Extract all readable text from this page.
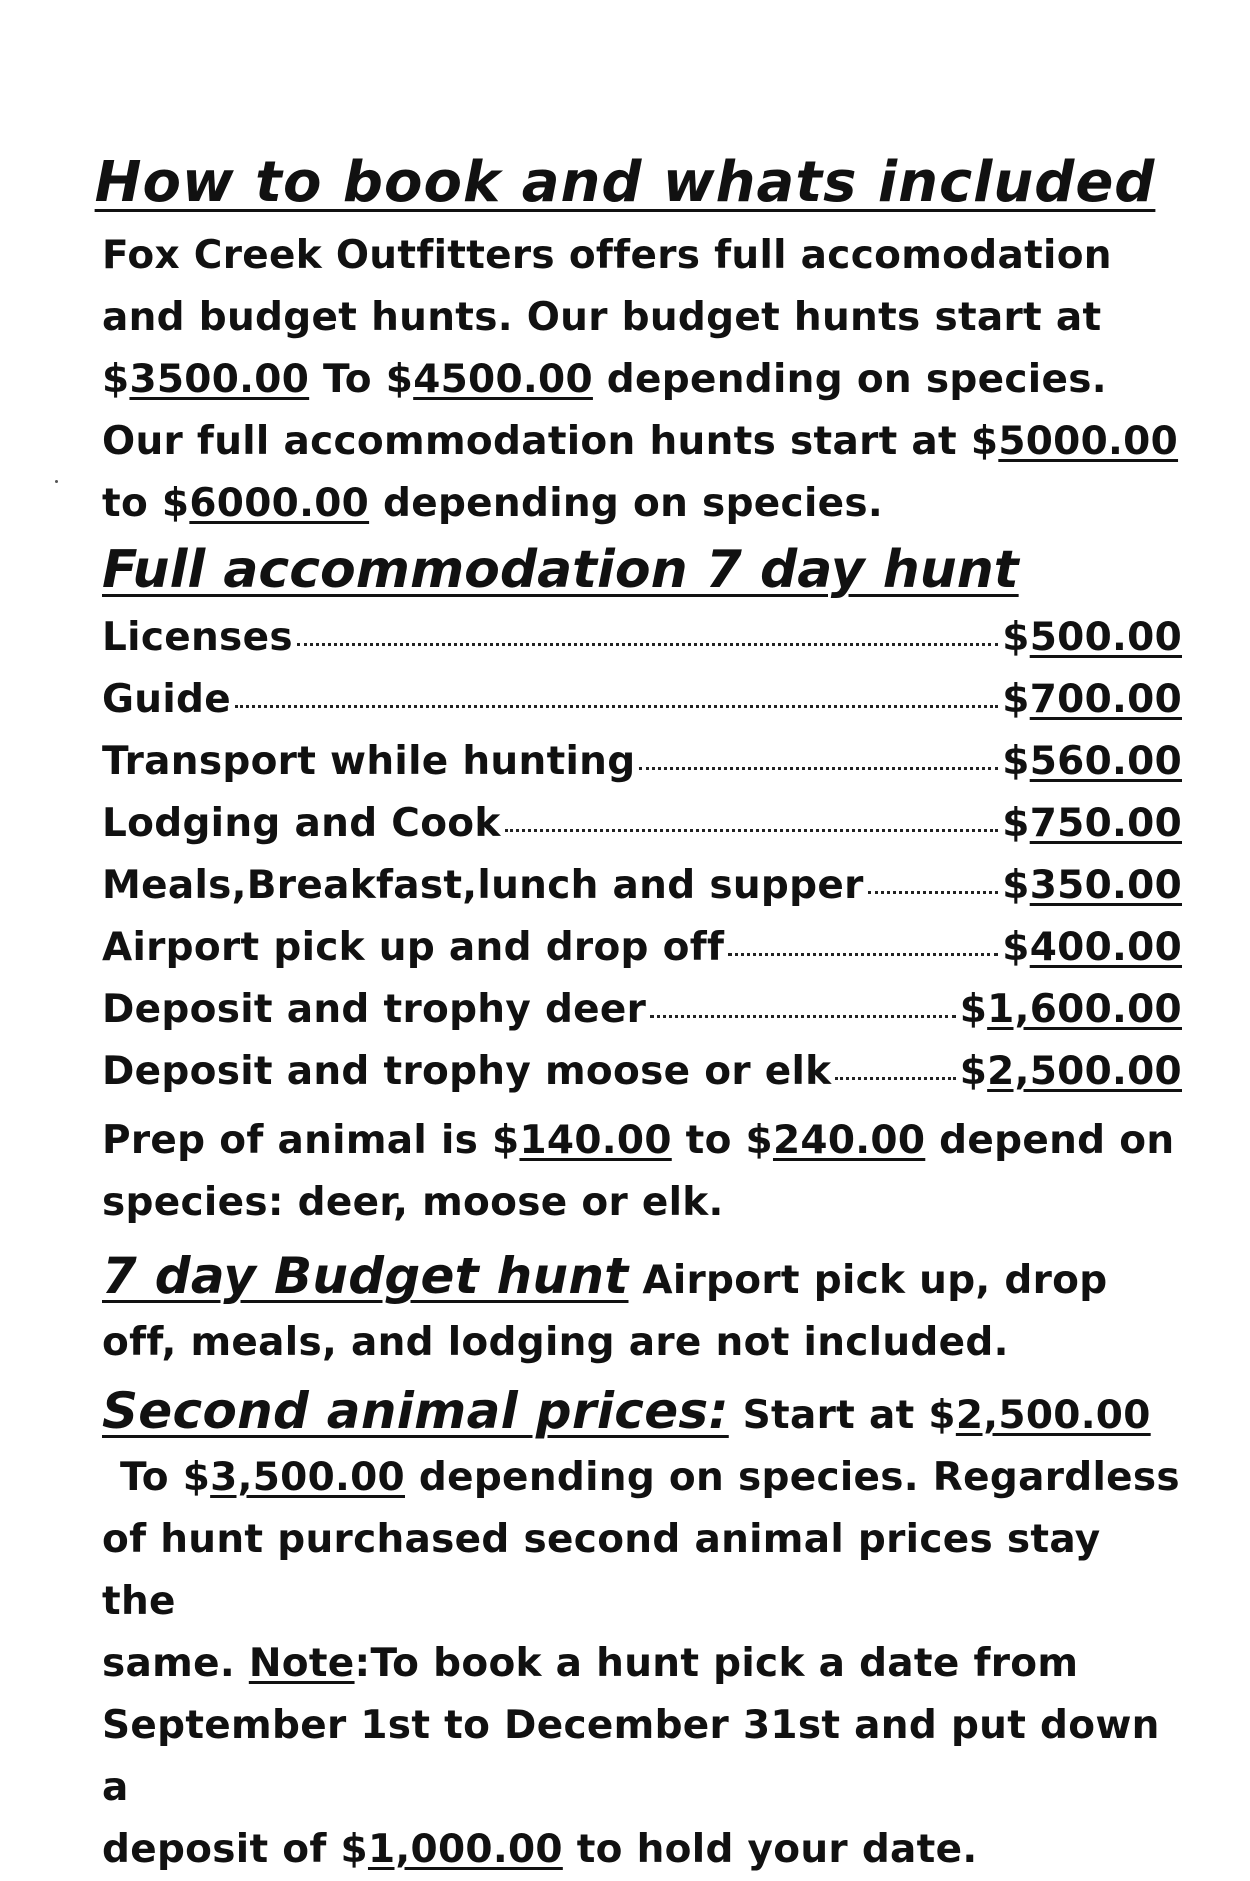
How to book and whats included
Fox Creek Outfitters offers full accomodation
and budget hunts. Our budget hunts start at
$3500.00 To $4500.00 depending on species.
Our full accommodation hunts start at $5000.00
to $6000.00 depending on species.
Full accommodation 7 day hunt
Licenses	$500.00
Guide	$700.00
Transport while hunting	$560.00
Lodging and Cook	$750.00
Meals,Breakfast,lunch and supper	$350.00
Airport pick up and drop off	$400.00
Deposit and trophy deer	$1,600.00
Deposit and trophy moose or elk	$2,500.00
Prep of animal is $140.00 to $240.00 depend on
species: deer, moose or elk.
7 day Budget hunt Airport pick up, drop
off, meals, and lodging are not included.
Second animal prices: Start at $2,500.00
To $3,500.00 depending on species. Regardless
of hunt purchased second animal prices stay the
same. Note:To book a hunt pick a date from
September 1st to December 31st and put down a
deposit of $1,000.00 to hold your date.
